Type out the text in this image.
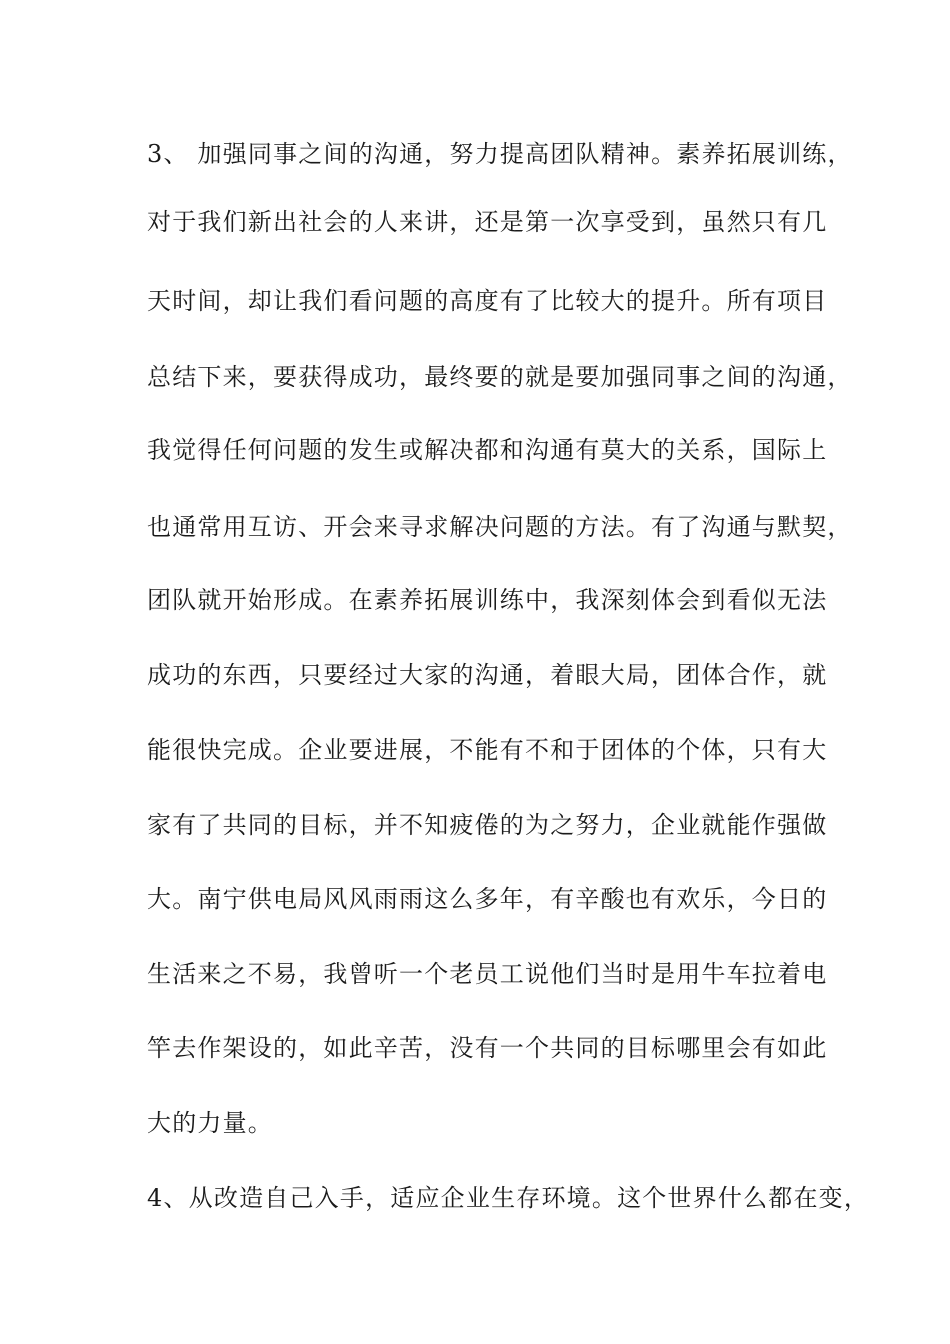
3、 加强同事之间的沟通，努力提高团队精神。素养拓展训练，
对于我们新出社会的人来讲，还是第一次享受到，虽然只有几
天时间，却让我们看问题的高度有了比较大的提升。所有项目
总结下来，要获得成功，最终要的就是要加强同事之间的沟通，
我觉得任何问题的发生或解决都和沟通有莫大的关系，国际上
也通常用互访、开会来寻求解决问题的方法。有了沟通与默契，
团队就开始形成。在素养拓展训练中，我深刻体会到看似无法
成功的东西，只要经过大家的沟通，着眼大局，团体合作，就
能很快完成。企业要进展，不能有不和于团体的个体，只有大
家有了共同的目标，并不知疲倦的为之努力，企业就能作强做
大。南宁供电局风风雨雨这么多年，有辛酸也有欢乐，今日的
生活来之不易，我曾听一个老员工说他们当时是用牛车拉着电
竿去作架设的，如此辛苦，没有一个共同的目标哪里会有如此
大的力量。
4、从改造自己入手，适应企业生存环境。这个世界什么都在变，
